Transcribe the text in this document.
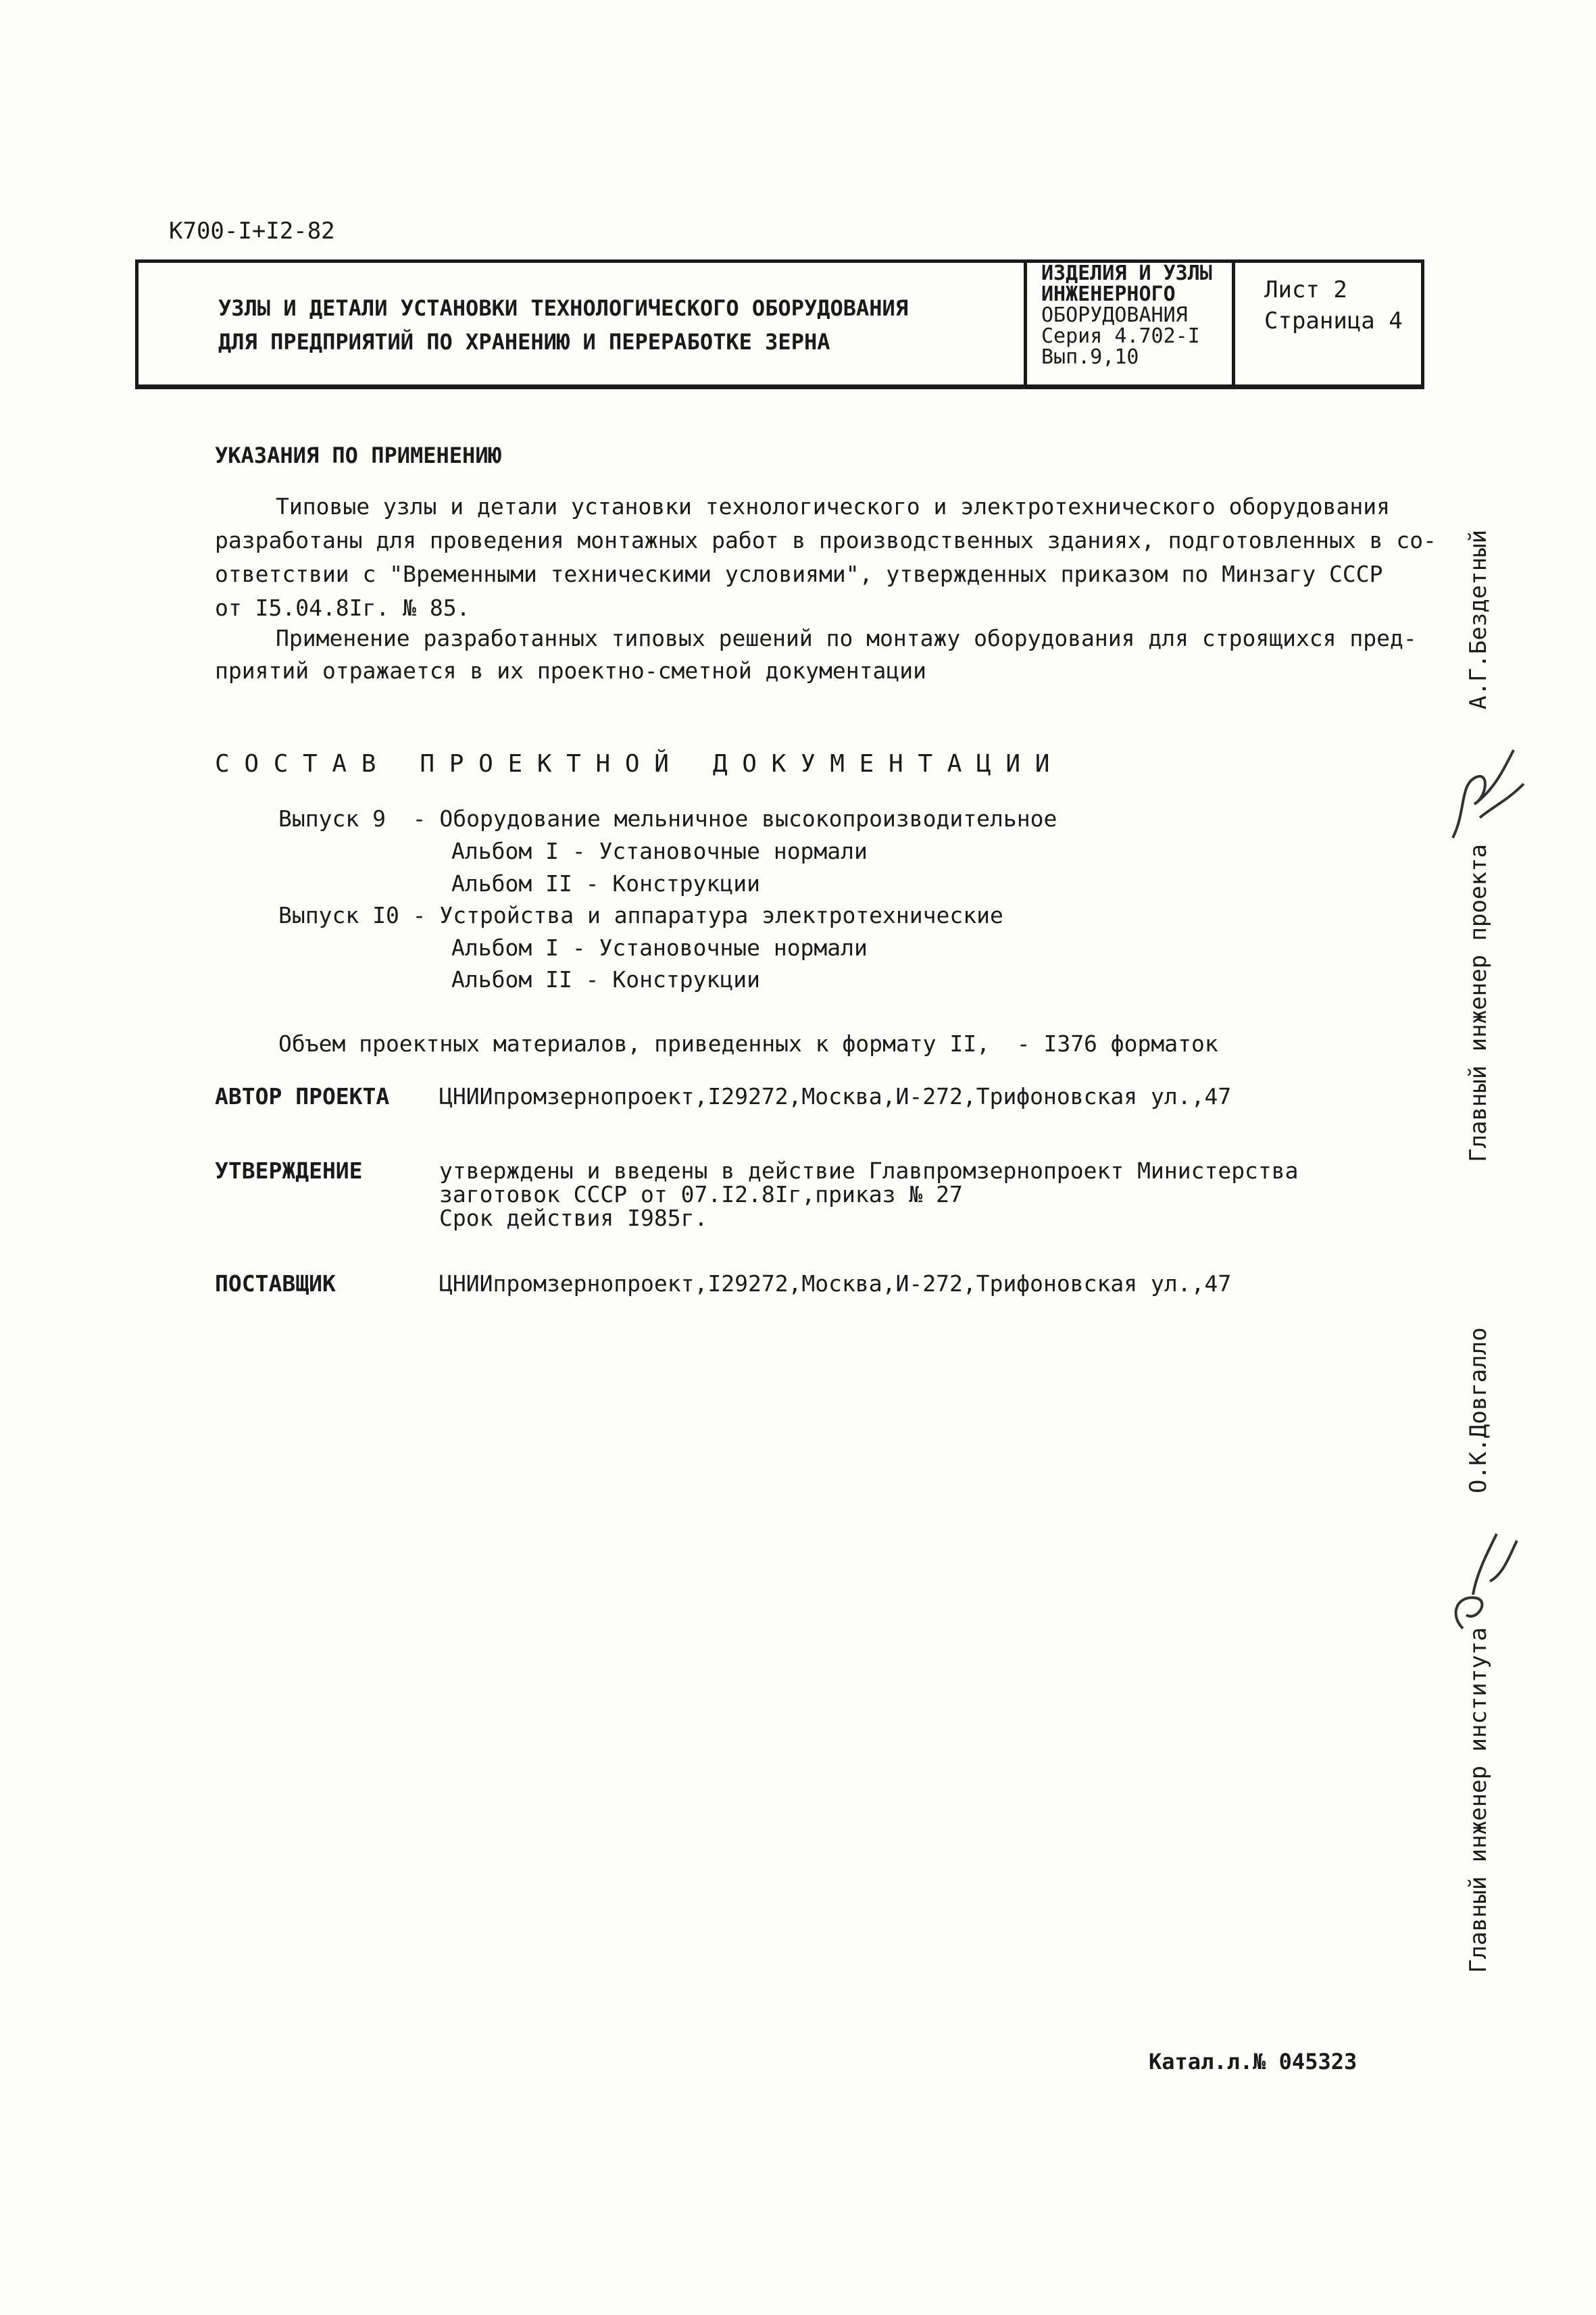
К700-I+I2-82
УЗЛЫ И ДЕТАЛИ УСТАНОВКИ ТЕХНОЛОГИЧЕСКОГО ОБОРУДОВАНИЯ
ДЛЯ ПРЕДПРИЯТИЙ ПО ХРАНЕНИЮ И ПЕРЕРАБОТКЕ ЗЕРНА
ИЗДЕЛИЯ И УЗЛЫ
ИНЖЕНЕРНОГО
ОБОРУДОВАНИЯ
Серия 4.702-I
Вып.9,10
Лист 2
Страница 4
УКАЗАНИЯ ПО ПРИМЕНЕНИЮ
Типовые узлы и детали установки технологического и электротехнического оборудования
разработаны для проведения монтажных работ в производственных зданиях, подготовленных в со-
ответствии с "Временными техническими условиями", утвержденных приказом по Минзагу СССР
от I5.04.8Iг. № 85.
Применение разработанных типовых решений по монтажу оборудования для строящихся пред-
приятий отражается в их проектно-сметной документации
С О С Т А В   П Р О Е К Т Н О Й   Д О К У М Е Н Т А Ц И И
Выпуск 9  - Оборудование мельничное высокопроизводительное
Альбом I - Установочные нормали
Альбом II - Конструкции
Выпуск I0 - Устройства и аппаратура электротехнические
Альбом I - Установочные нормали
Альбом II - Конструкции
Объем проектных материалов, приведенных к формату II,  - I376 форматок
АВТОР ПРОЕКТА ЦНИИпромзернопроект,I29272,Москва,И-272,Трифоновская ул.,47
УТВЕРЖДЕНИЕ	утверждены и введены в действие Главпромзернопроект Министерства
заготовок СССР от 07.I2.8Iг,приказ № 27
Срок действия I985г.
ПОСТАВЩИК	ЦНИИпромзернопроект,I29272,Москва,И-272,Трифоновская ул.,47
Главный инженер проекта
А.Г.Бездетный
Главный инженер института
О.К.Довгалло
Катал.л.№ 045323
